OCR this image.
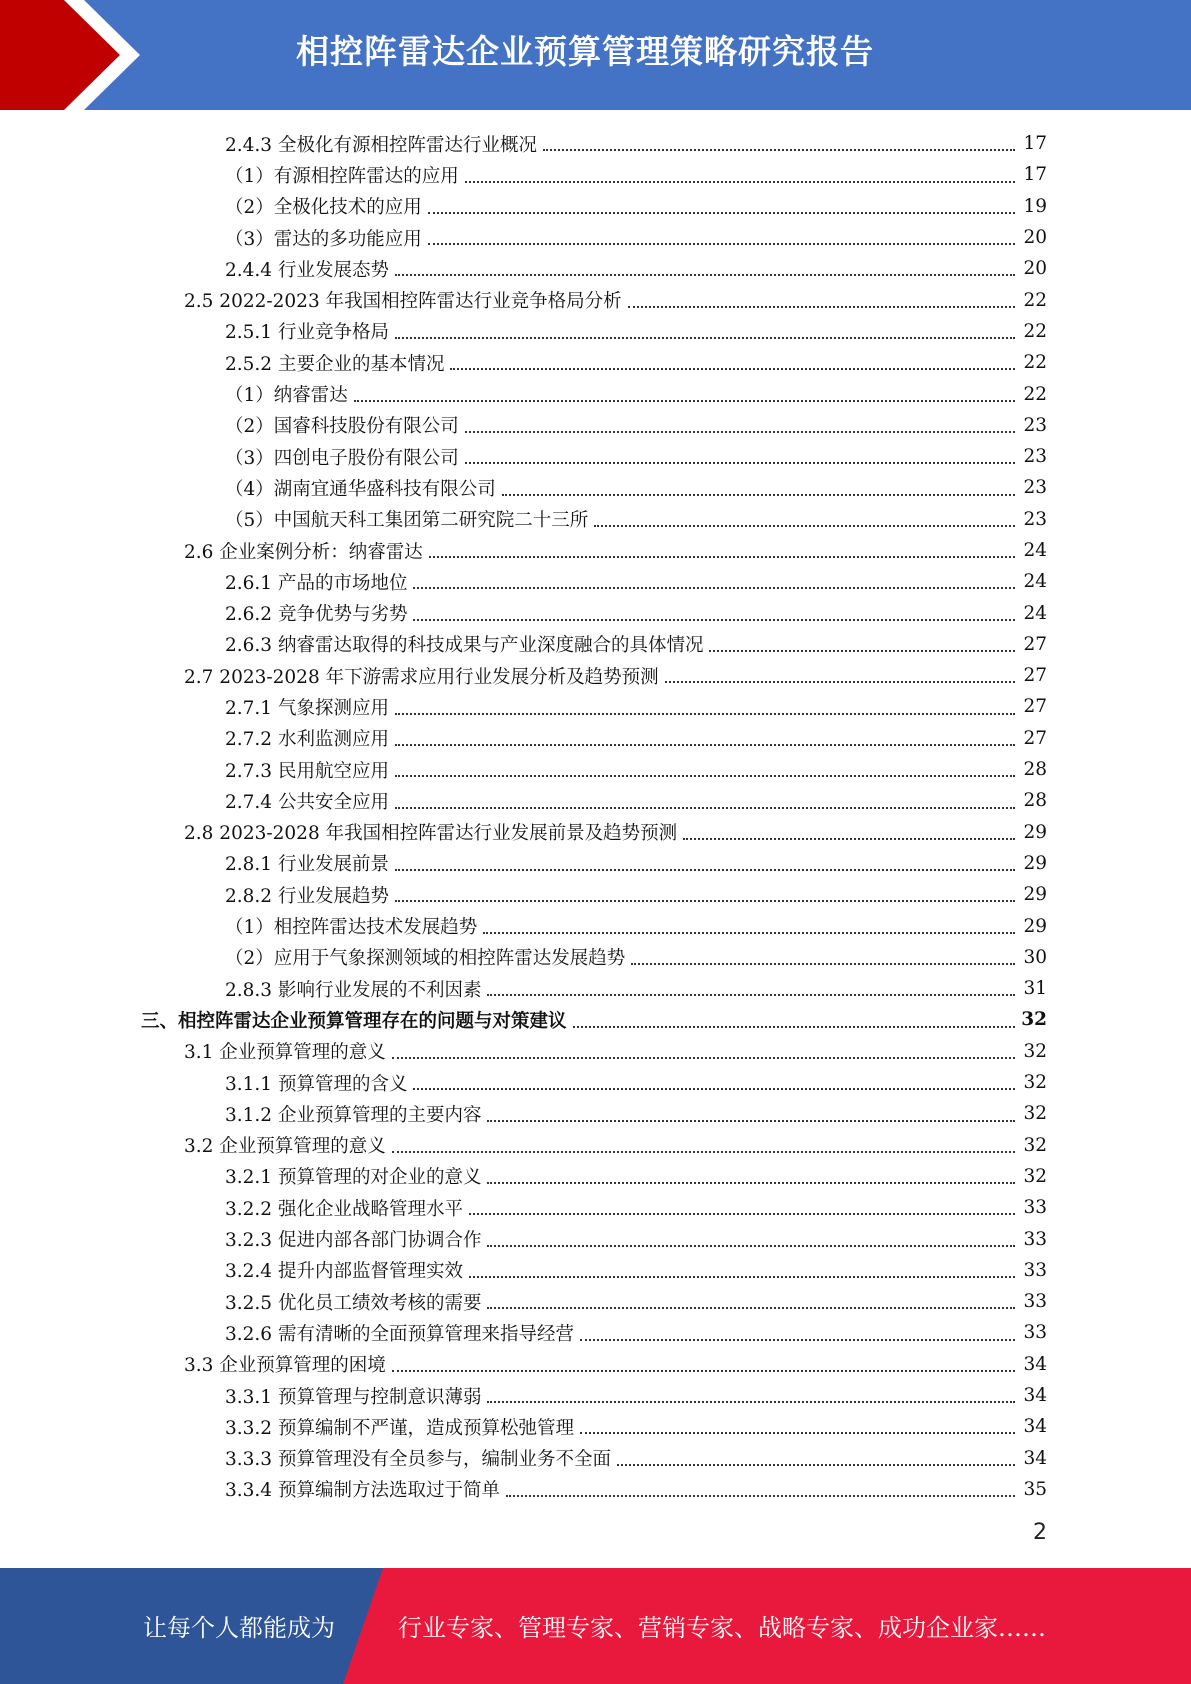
相控阵雷达企业预算管理策略研究报告
2.4.3 全极化有源相控阵雷达行业概况	17
（1）有源相控阵雷达的应用	17
（2）全极化技术的应用	19
（3）雷达的多功能应用	20
2.4.4 行业发展态势	20
2.5 2022-2023 年我国相控阵雷达行业竞争格局分析	22
2.5.1 行业竞争格局	22
2.5.2 主要企业的基本情况	22
（1）纳睿雷达	22
（2）国睿科技股份有限公司	23
（3）四创电子股份有限公司	23
（4）湖南宜通华盛科技有限公司	23
（5）中国航天科工集团第二研究院二十三所	23
2.6 企业案例分析：纳睿雷达	24
2.6.1 产品的市场地位	24
2.6.2 竞争优势与劣势	24
2.6.3 纳睿雷达取得的科技成果与产业深度融合的具体情况	27
2.7 2023-2028 年下游需求应用行业发展分析及趋势预测	27
2.7.1 气象探测应用	27
2.7.2 水利监测应用	27
2.7.3 民用航空应用	28
2.7.4 公共安全应用	28
2.8 2023-2028 年我国相控阵雷达行业发展前景及趋势预测	29
2.8.1 行业发展前景	29
2.8.2 行业发展趋势	29
（1）相控阵雷达技术发展趋势	29
（2）应用于气象探测领域的相控阵雷达发展趋势	30
2.8.3 影响行业发展的不利因素	31
三、相控阵雷达企业预算管理存在的问题与对策建议	32
3.1 企业预算管理的意义	32
3.1.1 预算管理的含义	32
3.1.2 企业预算管理的主要内容	32
3.2 企业预算管理的意义	32
3.2.1 预算管理的对企业的意义	32
3.2.2 强化企业战略管理水平	33
3.2.3 促进内部各部门协调合作	33
3.2.4 提升内部监督管理实效	33
3.2.5 优化员工绩效考核的需要	33
3.2.6 需有清晰的全面预算管理来指导经营	33
3.3 企业预算管理的困境	34
3.3.1 预算管理与控制意识薄弱	34
3.3.2 预算编制不严谨，造成预算松弛管理	34
3.3.3 预算管理没有全员参与，编制业务不全面	34
3.3.4 预算编制方法选取过于简单	35
2
让每个人都能成为	行业专家、管理专家、营销专家、战略专家、成功企业家……
